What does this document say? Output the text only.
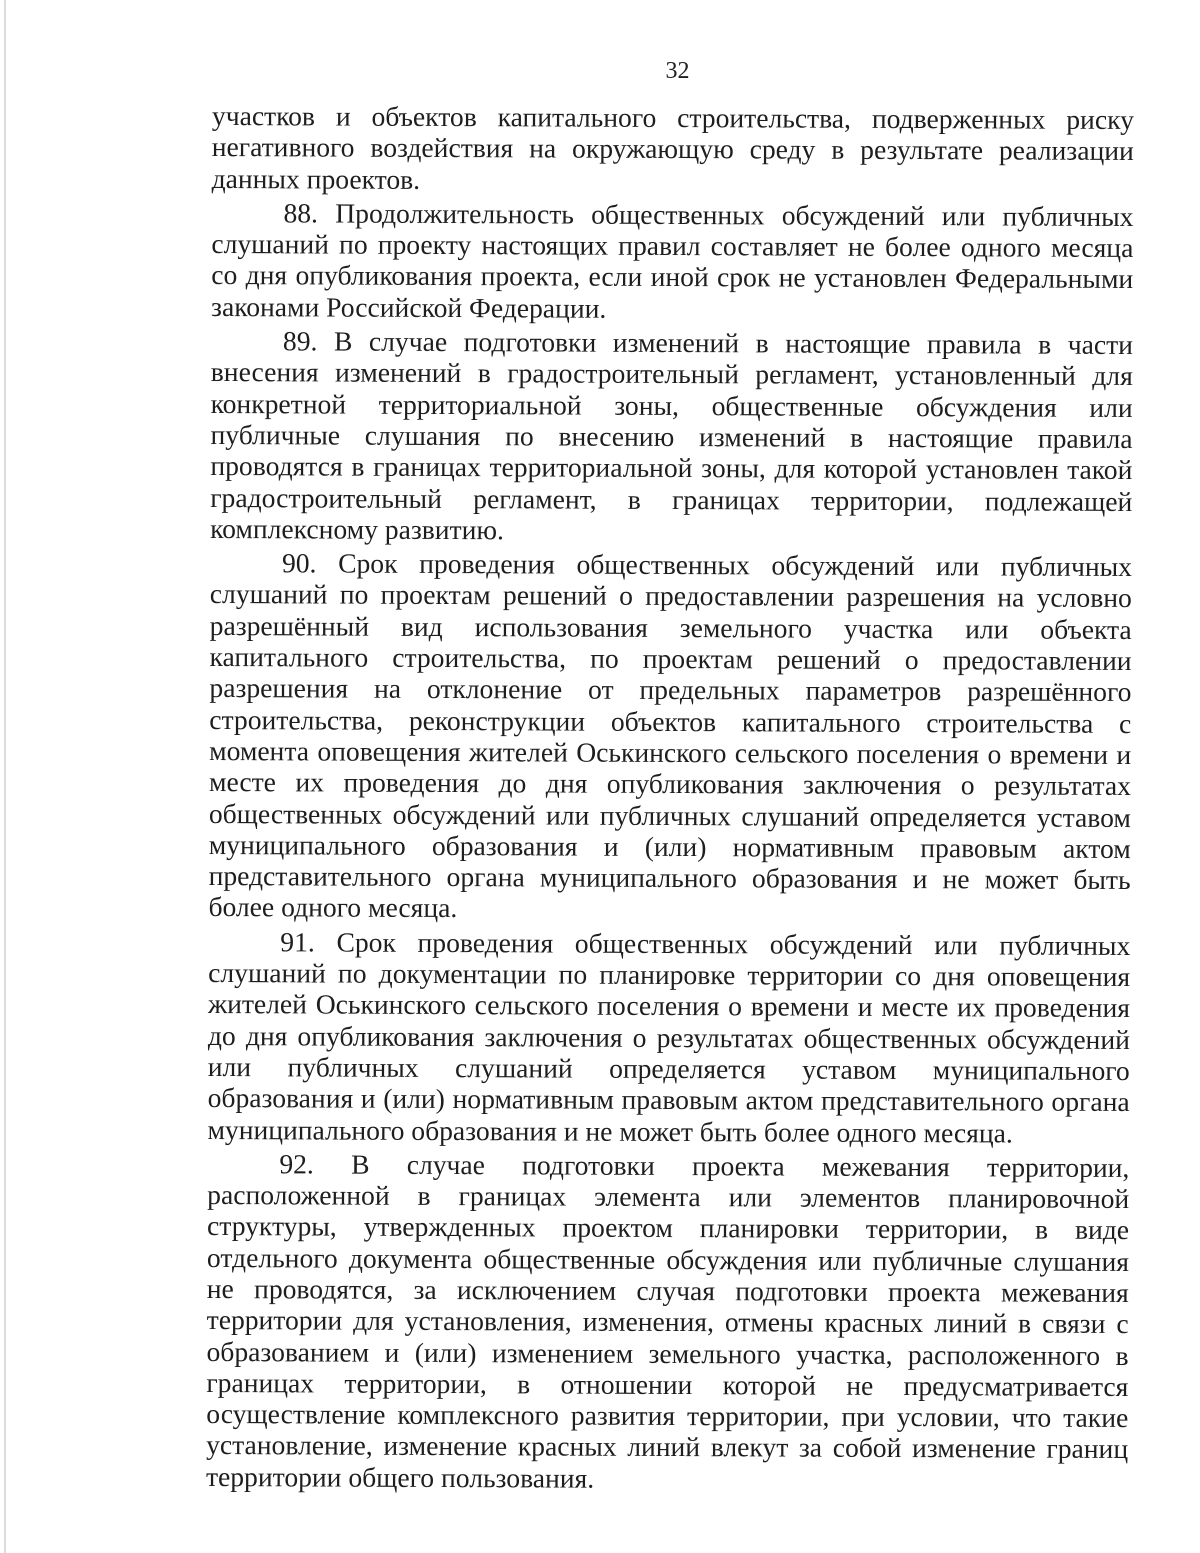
32

участков и объектов капитального строительства, подверженных риску негативного воздействия на окружающую среду в результате реализации данных проектов.

88. Продолжительность общественных обсуждений или публичных слушаний по проекту настоящих правил составляет не более одного месяца со дня опубликования проекта, если иной срок не установлен Федеральными законами Российской Федерации.

89. В случае подготовки изменений в настоящие правила в части внесения изменений в градостроительный регламент, установленный для конкретной территориальной зоны, общественные обсуждения или публичные слушания по внесению изменений в настоящие правила проводятся в границах территориальной зоны, для которой установлен такой градостроительный регламент, в границах территории, подлежащей комплексному развитию.

90. Срок проведения общественных обсуждений или публичных слушаний по проектам решений о предоставлении разрешения на условно разрешённый вид использования земельного участка или объекта капитального строительства, по проектам решений о предоставлении разрешения на отклонение от предельных параметров разрешённого строительства, реконструкции объектов капитального строительства с момента оповещения жителей Оськинского сельского поселения о времени и месте их проведения до дня опубликования заключения о результатах общественных обсуждений или публичных слушаний определяется уставом муниципального образования и (или) нормативным правовым актом представительного органа муниципального образования и не может быть более одного месяца.

91. Срок проведения общественных обсуждений или публичных слушаний по документации по планировке территории со дня оповещения жителей Оськинского сельского поселения о времени и месте их проведения до дня опубликования заключения о результатах общественных обсуждений или публичных слушаний определяется уставом муниципального образования и (или) нормативным правовым актом представительного органа муниципального образования и не может быть более одного месяца.

92. В случае подготовки проекта межевания территории, расположенной в границах элемента или элементов планировочной структуры, утвержденных проектом планировки территории, в виде отдельного документа общественные обсуждения или публичные слушания не проводятся, за исключением случая подготовки проекта межевания территории для установления, изменения, отмены красных линий в связи с образованием и (или) изменением земельного участка, расположенного в границах территории, в отношении которой не предусматривается осуществление комплексного развития территории, при условии, что такие установление, изменение красных линий влекут за собой изменение границ территории общего пользования.
